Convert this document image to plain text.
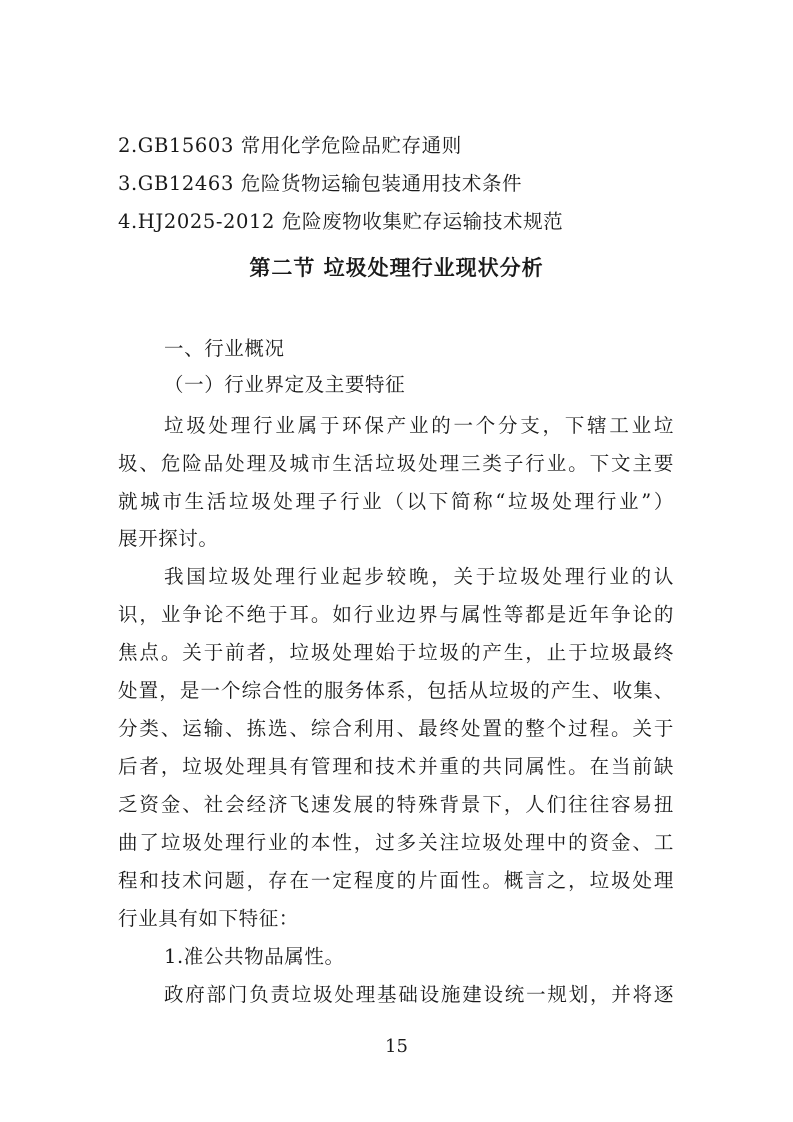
2.GB15603 常用化学危险品贮存通则
3.GB12463 危险货物运输包装通用技术条件
4.HJ2025-2012 危险废物收集贮存运输技术规范
第二节 垃圾处理行业现状分析
一、行业概况
（一）行业界定及主要特征
垃圾处理行业属于环保产业的一个分支，下辖工业垃
圾、危险品处理及城市生活垃圾处理三类子行业。下文主要
就城市生活垃圾处理子行业（以下简称“垃圾处理行业”）
展开探讨。
我国垃圾处理行业起步较晚，关于垃圾处理行业的认
识，业争论不绝于耳。如行业边界与属性等都是近年争论的
焦点。关于前者，垃圾处理始于垃圾的产生，止于垃圾最终
处置，是一个综合性的服务体系，包括从垃圾的产生、收集、
分类、运输、拣选、综合利用、最终处置的整个过程。关于
后者，垃圾处理具有管理和技术并重的共同属性。在当前缺
乏资金、社会经济飞速发展的特殊背景下，人们往往容易扭
曲了垃圾处理行业的本性，过多关注垃圾处理中的资金、工
程和技术问题，存在一定程度的片面性。概言之，垃圾处理
行业具有如下特征：
1.准公共物品属性。
政府部门负责垃圾处理基础设施建设统一规划，并将逐
15
